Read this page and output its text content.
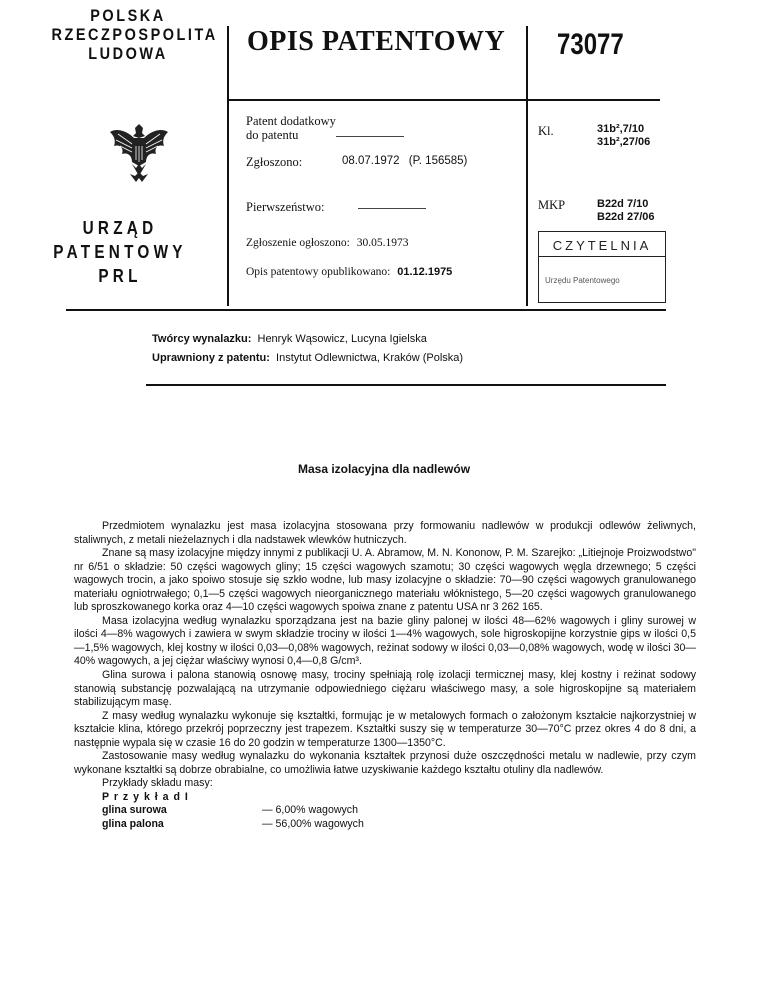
POLSKA
RZECZPOSPOLITA
LUDOWA
URZĄD
PATENTOWY
PRL
OPIS PATENTOWY 73077
Patent dodatkowy
do patentu
Zgłoszono:	08.07.1972 (P. 156585)
Pierwszeństwo:
Zgłoszenie ogłoszono: 30.05.1973
Opis patentowy opublikowano: 01.12.1975
Kl.	31b²,7/10
31b²,27/06
MKP	B22d 7/10
B22d 27/06
CZYTELNIA
Urzędu Patentowego
Twórcy wynalazku: Henryk Wąsowicz, Lucyna Igielska
Uprawniony z patentu: Instytut Odlewnictwa, Kraków (Polska)
Masa izolacyjna dla nadlewów

Przedmiotem wynalazku jest masa izolacyjna stosowana przy formowaniu nadlewów w produkcji odlewów żeliwnych, staliwnych, z metali nieżelaznych i dla nadstawek wlewków hutniczych.

Znane są masy izolacyjne między innymi z publikacji U. A. Abramow, M. N. Kononow, P. M. Szarejko: „Litiejnoje Proizwodstwo" nr 6/51 o składzie: 50 części wagowych gliny; 15 części wagowych szamotu; 30 części wagowych węgla drzewnego; 5 części wagowych trocin, a jako spoiwo stosuje się szkło wodne, lub masy izolacyjne o składzie: 70—90 części wagowych granulowanego materiału ogniotrwałego; 0,1—5 części wagowych nieorganicznego materiału włóknistego, 5—20 części wagowych granulowanego lub sproszkowanego korka oraz 4—10 części wagowych spoiwa znane z patentu USA nr 3 262 165.

Masa izolacyjna według wynalazku sporządzana jest na bazie gliny palonej w ilości 48—62% wagowych i gliny surowej w ilości 4—8% wagowych i zawiera w swym składzie trociny w ilości 1—4% wagowych, sole higroskopijne korzystnie gips w ilości 0,5—1,5% wagowych, klej kostny w ilości 0,03—0,08% wagowych, reżinat sodowy w ilości 0,03—0,08% wagowych, wodę w ilości 30—40% wagowych, a jej ciężar właściwy wynosi 0,4—0,8 G/cm³.

Glina surowa i palona stanowią osnowę masy, trociny spełniają rolę izolacji termicznej masy, klej kostny i reżinat sodowy stanowią substancję pozwalającą na utrzymanie odpowiedniego ciężaru właściwego masy, a sole higroskopijne są materiałem stabilizującym masę.

Z masy według wynalazku wykonuje się kształtki, formując je w metalowych formach o założonym kształcie najkorzystniej w kształcie klina, którego przekrój poprzeczny jest trapezem. Kształtki suszy się w temperaturze 30—70°C przez okres 4 do 8 dni, a następnie wypala się w czasie 16 do 20 godzin w temperaturze 1300—1350°C.

Zastosowanie masy według wynalazku do wykonania kształtek przynosi duże oszczędności metalu w nadlewie, przy czym wykonane kształtki są dobrze obrabialne, co umożliwia łatwe uzyskiwanie każdego kształtu otuliny dla nadlewów.

Przykłady składu masy:

P r z y k ł a d I
glina surowa	— 6,00% wagowych
glina palona	— 56,00% wagowych
